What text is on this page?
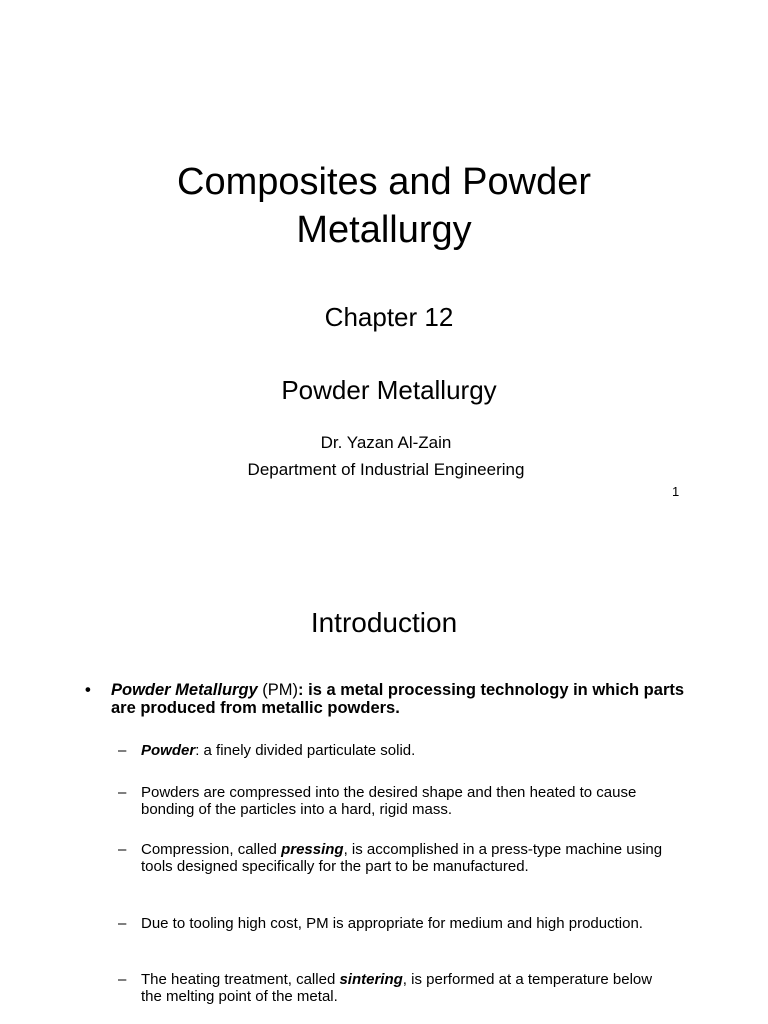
Composites and Powder
Metallurgy
Chapter 12
Powder Metallurgy
Dr. Yazan Al-Zain
Department of Industrial Engineering
1
Introduction
• Powder Metallurgy (PM): is a metal processing technology in which parts are produced from metallic powders.
– Powder: a finely divided particulate solid.
– Powders are compressed into the desired shape and then heated to cause bonding of the particles into a hard, rigid mass.
– Compression, called pressing, is accomplished in a press-type machine using tools designed specifically for the part to be manufactured.
– Due to tooling high cost, PM is appropriate for medium and high production.
– The heating treatment, called sintering, is performed at a temperature below the melting point of the metal.
